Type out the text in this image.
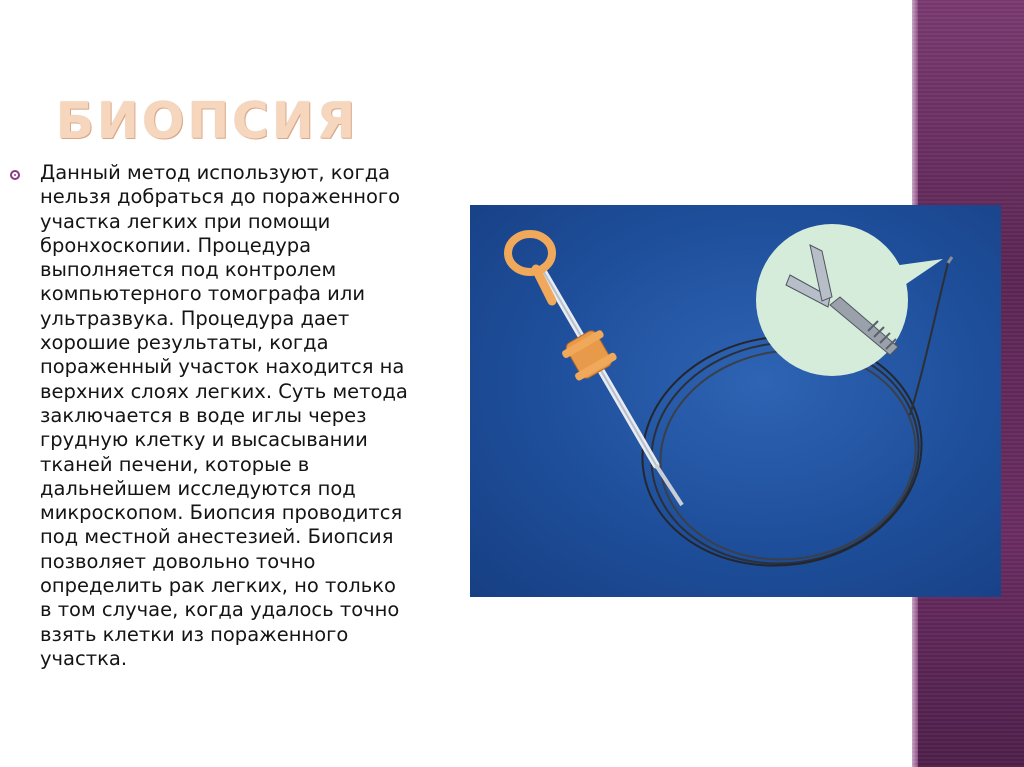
БИОПСИЯ
Данный метод используют, когда
нельзя добраться до пораженного
участка легких при помощи
бронхоскопии. Процедура
выполняется под контролем
компьютерного томографа или
ультразвука. Процедура дает
хорошие результаты, когда
пораженный участок находится на
верхних слоях легких. Суть метода
заключается в воде иглы через
грудную клетку и высасывании
тканей печени, которые в
дальнейшем исследуются под
микроскопом. Биопсия проводится
под местной анестезией. Биопсия
позволяет довольно точно
определить рак легких, но только
в том случае, когда удалось точно
взять клетки из пораженного
участка.
